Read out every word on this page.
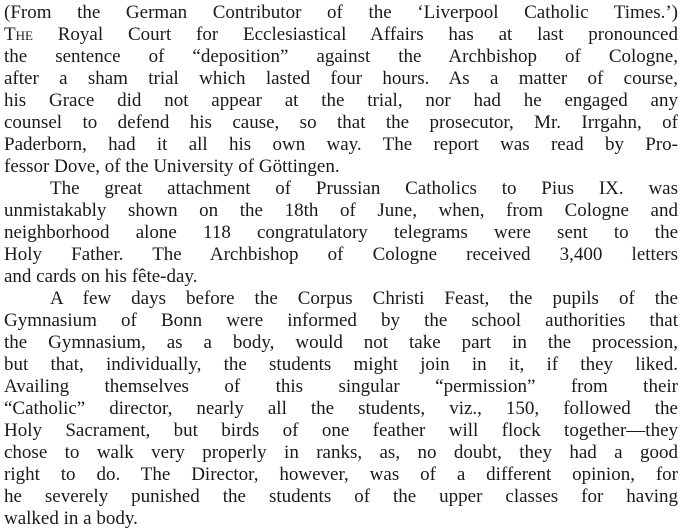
(From the German Contributor of the ‘Liverpool Catholic Times.’)
The Royal Court for Ecclesiastical Affairs has at last pronounced
the sentence of “deposition” against the Archbishop of Cologne,
after a sham trial which lasted four hours. As a matter of course,
his Grace did not appear at the trial, nor had he engaged any
counsel to defend his cause, so that the prosecutor, Mr. Irrgahn, of
Paderborn, had it all his own way. The report was read by Pro-
fessor Dove, of the University of Göttingen.
The great attachment of Prussian Catholics to Pius IX. was
unmistakably shown on the 18th of June, when, from Cologne and
neighborhood alone 118 congratulatory telegrams were sent to the
Holy Father. The Archbishop of Cologne received 3,400 letters
and cards on his fête-day.
A few days before the Corpus Christi Feast, the pupils of the
Gymnasium of Bonn were informed by the school authorities that
the Gymnasium, as a body, would not take part in the procession,
but that, individually, the students might join in it, if they liked.
Availing themselves of this singular “permission” from their
“Catholic” director, nearly all the students, viz., 150, followed the
Holy Sacrament, but birds of one feather will flock together—they
chose to walk very properly in ranks, as, no doubt, they had a good
right to do. The Director, however, was of a different opinion, for
he severely punished the students of the upper classes for having
walked in a body.
